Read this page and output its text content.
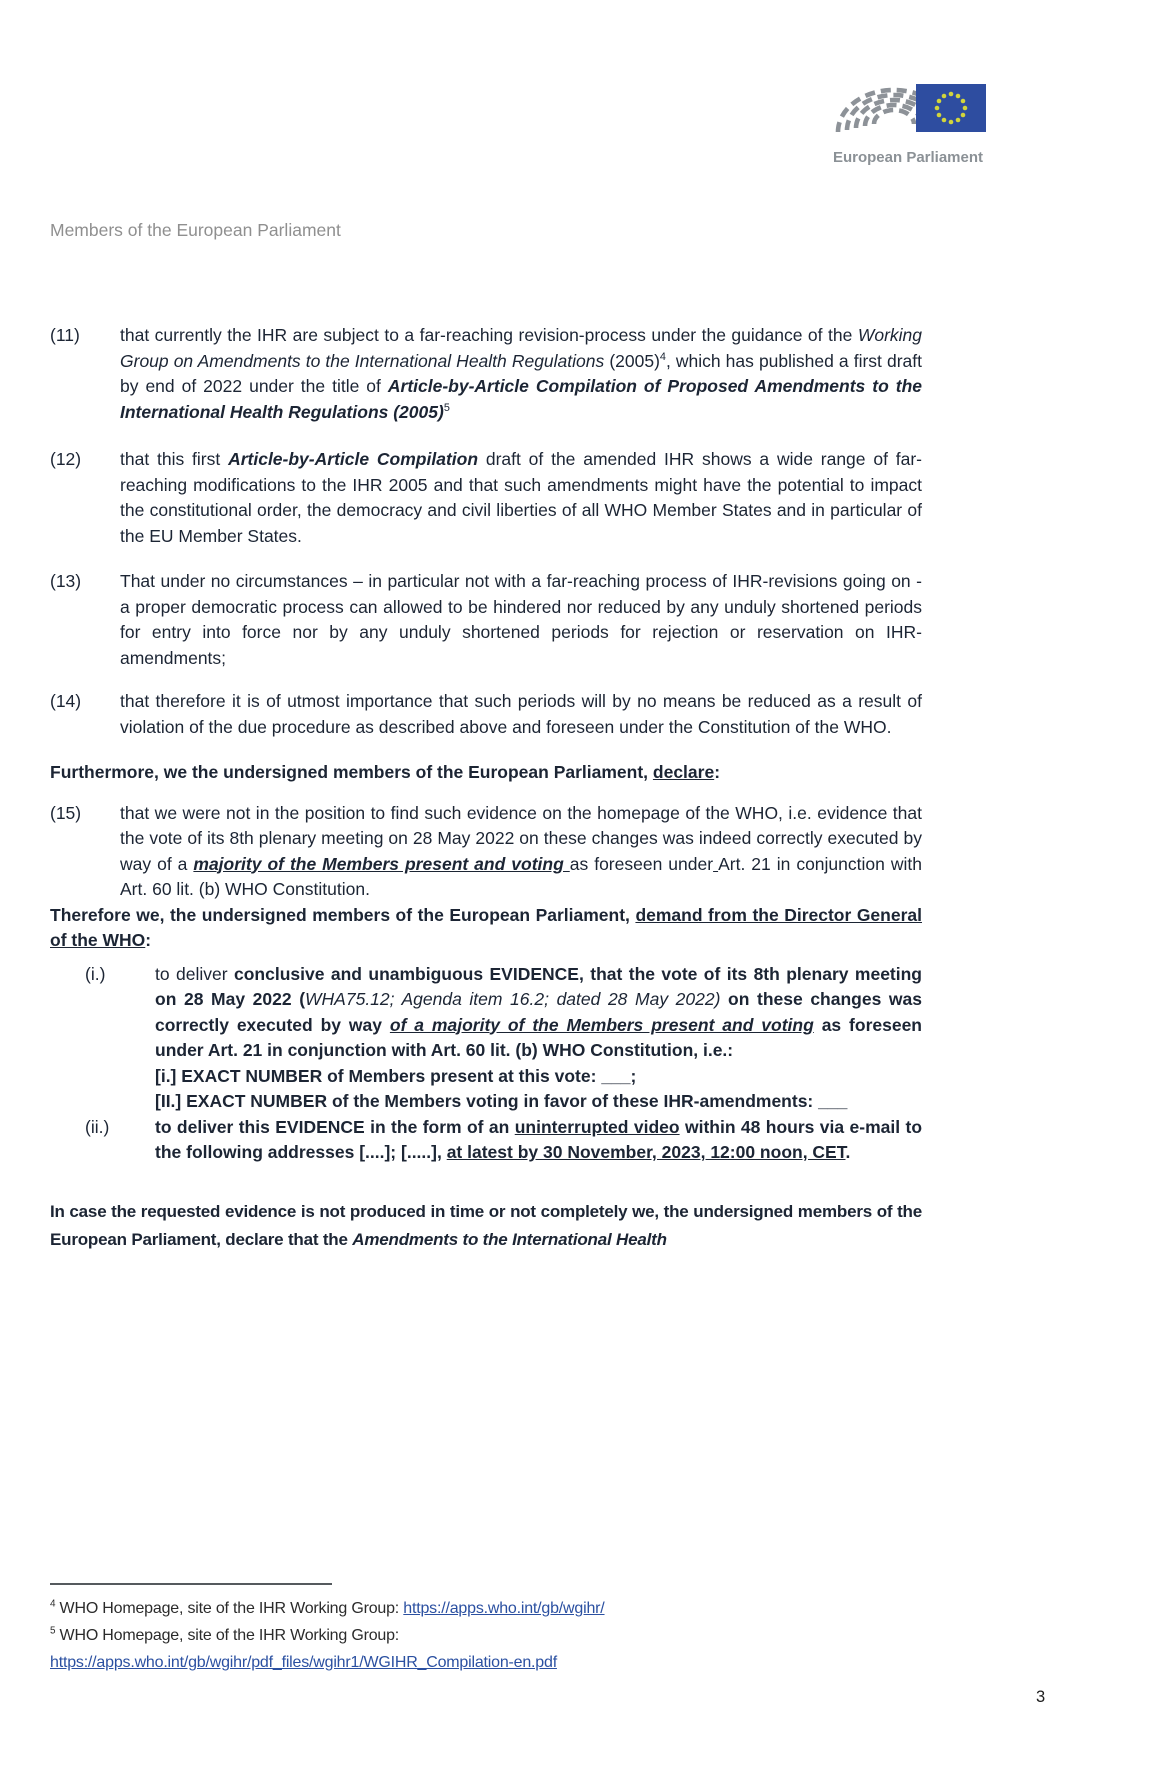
European Parliament
Members of the European Parliament
(11)	that currently the IHR are subject to a far-reaching revision-process under the guidance of the Working Group on Amendments to the International Health Regulations $(2005)^4$, which has published a first draft by end of 2022 under the title of Article-by-Article Compilation of Proposed Amendments to the International Health Regulations $(2005)^5$
(12)	that this first Article-by-Article Compilation draft of the amended IHR shows a wide range of far-reaching modifications to the IHR 2005 and that such amendments might have the potential to impact the constitutional order, the democracy and civil liberties of all WHO Member States and in particular of the EU Member States.
(13)	That under no circumstances – in particular not with a far-reaching process of IHR-revisions going on - a proper democratic process can allowed to be hindered nor reduced by any unduly shortened periods for entry into force nor by any unduly shortened periods for rejection or reservation on IHR-amendments;
(14)	that therefore it is of utmost importance that such periods will by no means be reduced as a result of violation of the due procedure as described above and foreseen under the Constitution of the WHO.
Furthermore, we the undersigned members of the European Parliament, declare:
(15)	that we were not in the position to find such evidence on the homepage of the WHO, i.e. evidence that the vote of its 8th plenary meeting on 28 May 2022 on these changes was indeed correctly executed by way of a majority of the Members present and voting as foreseen under Art. 21 in conjunction with Art. 60 lit. (b) WHO Constitution.
Therefore we, the undersigned members of the European Parliament, demand from the Director General of the WHO:
(i.)	to deliver conclusive and unambiguous EVIDENCE, that the vote of its 8th plenary meeting on 28 May 2022 (WHA75.12; Agenda item 16.2; dated 28 May 2022) on these changes was correctly executed by way of a majority of the Members present and voting as foreseen under Art. 21 in conjunction with Art. 60 lit. (b) WHO Constitution, i.e.:
[i.] EXACT NUMBER of Members present at this vote: ___;
[II.] EXACT NUMBER of the Members voting in favor of these IHR-amendments: ___
(ii.)	to deliver this EVIDENCE in the form of an uninterrupted video within 48 hours via e-mail to the following addresses [....]; [.....], at latest by 30 November, 2023, 12:00 noon, CET.
In case the requested evidence is not produced in time or not completely we, the undersigned members of the European Parliament, declare that the Amendments to the International Health
$^4$ WHO Homepage, site of the IHR Working Group: https://apps.who.int/gb/wgihr/
$^5$ WHO Homepage, site of the IHR Working Group:
https://apps.who.int/gb/wgihr/pdf_files/wgihr1/WGIHR_Compilation-en.pdf
3
